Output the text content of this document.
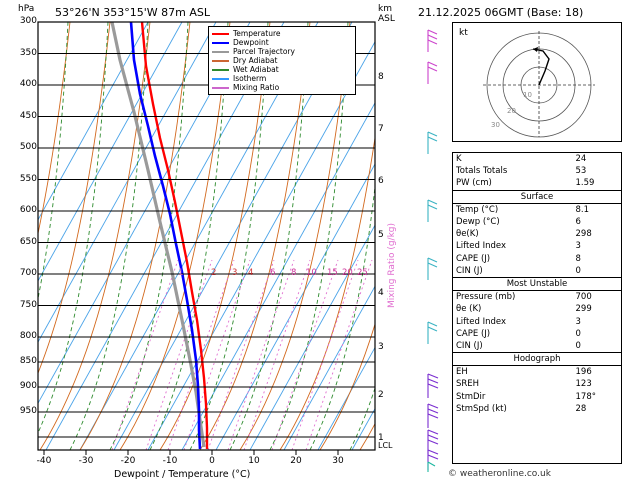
hPa 53°26'N 353°15'W 87m ASL	21.12.2025 06GMT (Base: 18)
km
ASL
300
350
400
450
500
550
600
650
700
750
800
850
900
950
8
7
6
5
4
3
2
1
LCL
Mixing Ratio (g/kg)
1	2 3 4 6 8 10 15 20 25
-40	-30	-20	-10	0	10	20	30
Dewpoint / Temperature (°C)
Temperature
Dewpoint
Parcel Trajectory
Dry Adiabat
Wet Adiabat
Isotherm
Mixing Ratio
kt
10
20
30
K	24
Totals Totals	53
PW (cm)	1.59
Surface	
Temp (°C)	8.1
Dewp (°C)	6
θe(K)	298
Lifted Index	3
CAPE (J)	8
CIN (J)	0
Most Unstable	
Pressure (mb)	700
θe (K)	299
Lifted Index	3
CAPE (J)	0
CIN (J)	0
Hodograph	
EH	196
SREH	123
StmDir	178°
StmSpd (kt)	28
© weatheronline.co.uk
